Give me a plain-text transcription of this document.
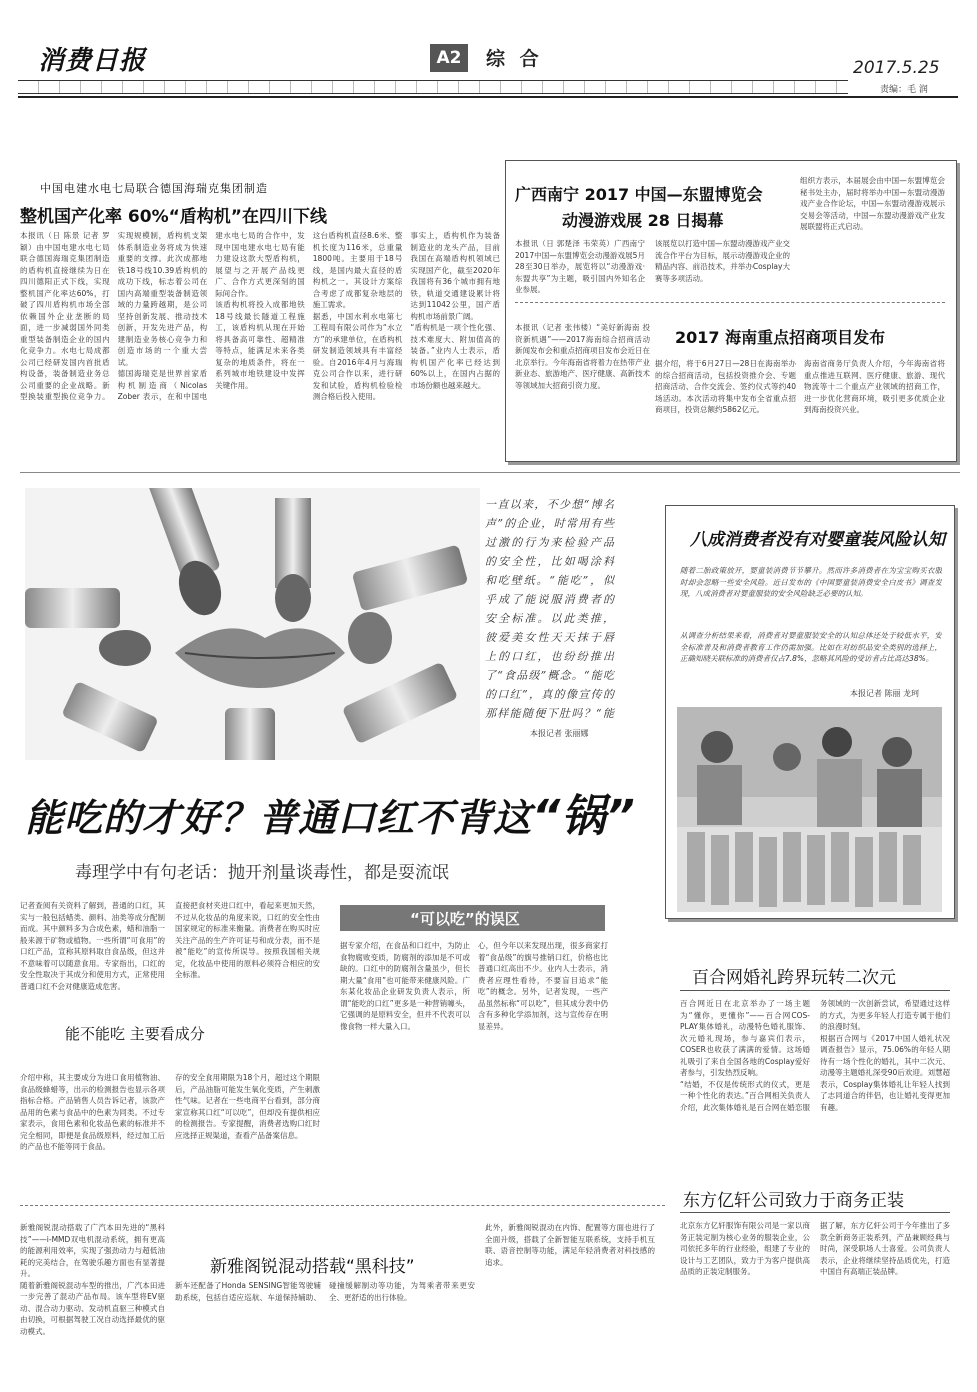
消费日报	A2	综 合	2017.5.25
责编：毛 润
中国电建水电七局联合德国海瑞克集团制造
整机国产化率 60%“盾构机”在四川下线

本报讯（日 陈景 记者 罗颖）由中国电建水电七局联合德国海瑞克集团制造的盾构机直接继续为日在四川德阳正式下线，实现整机国产化率达60%，打破了四川盾构机市场全部依赖国外企业垄断的局面，进一步减弱国外同类重型装备制造企业的国内化竞争力。水电七局成都公司已经研发国内首批盾构设备，装备制造业务总公司重要的企业战略。新型换装重型换位竞争力。实现规模制，盾构机支架体系制造业务将成为快速重要的支撑。此次成都地铁18号线10.39盾构机的成功下线，标志着公司在国内高端重型装备制造领域的力量跨越期，是公司坚持创新发展、推动技术创新，开发先进产品，构建制造业务核心竞争力和创造市场的一个重大尝试。

德国海瑞克是世界首家盾构机制造商（Nicolas Zober 表示，在和中国电建水电七局的合作中，发现中国电建水电七局有能力建设这款大型盾构机，展望与之开展产品线更广、合作方式更深刻的国际间合作。

该盾构机将投入成都地铁18号线最长隧道工程施工，该盾构机从现在开始将具备高可靠性、超精准等特点，能满足未来各类复杂的地质条件，将在一系列城市地铁建设中发挥关键作用。

这台盾构机直径8.6米、整机长度为116米，总重量1800吨。主要用于18号线，是国内最大直径的盾构机之一。其设计方案综合考虑了成都复杂地层的施工需求。

据悉，中国水利水电第七工程局有限公司作为“水立方”的承建单位，在盾构机研发制造领域具有丰富经验。自2016年4月与海瑞克公司合作以来，进行研发和试验，盾构机检验检测合格后投入使用。

事实上，盾构机作为装备制造业的龙头产品，目前我国在高端盾构机领域已实现国产化，截至2020年我国将有36个城市拥有地铁，轨道交通建设累计将达到11042公里，国产盾构机市场前景广阔。

“盾构机是一项个性化强、技术难度大、附加值高的装备。”业内人士表示，盾构机国产化率已经达到60%以上，在国内占据的市场份额也越来越大。

广西南宁 2017 中国—东盟博览会
动漫游戏展 28 日揭幕

本报讯（日 郭楚泽 韦荣英）广西南宁2017中国—东盟博览会动漫游戏展5月28至30日举办，展览将以“动漫游戏·东盟共享”为主题，吸引国内外知名企业参展。

该展览以打造中国—东盟动漫游戏产业交流合作平台为目标，展示动漫游戏企业的精品内容、前沿技术，并举办Cosplay大赛等多项活动。

组织方表示，本届展会由中国—东盟博览会秘书处主办，届时将举办中国—东盟动漫游戏产业合作论坛，中国—东盟动漫游戏展示交易会等活动，中国—东盟动漫游戏产业发展联盟将正式启动。

2017 海南重点招商项目发布

本报讯（记者 张伟楼）“美好新海南 投资新机遇”——2017海南综合招商活动新闻发布会和重点招商项目发布会近日在北京举行。今年海南省将着力在热带产业新业态、旅游地产、医疗健康、高新技术等领域加大招商引资力度。

据介绍，将于6月27日—28日在海南举办的综合招商活动，包括投资推介会、专题招商活动、合作交流会、签约仪式等约40场活动。本次活动将集中发布全省重点招商项目，投资总额约5862亿元。

海南省商务厅负责人介绍，今年海南省将重点推进互联网、医疗健康、旅游、现代物流等十二个重点产业领域的招商工作，进一步优化营商环境，吸引更多优质企业到海南投资兴业。

一直以来，不少想“博名声”的企业，时常用有些过激的行为来检验产品的安全性，比如喝涂料和吃壁纸。“能吃”，似乎成了能说服消费者的安全标准。以此类推，彼爱美女性天天抹于唇上的口红，也纷纷推出了“食品级”概念。“能吃的口红”，真的像宣传的那样能随便下肚吗？“能
本报记者 张丽娜
能吃的才好？普通口红不背这“锅”
毒理学中有句老话：抛开剂量谈毒性，都是耍流氓
记者查阅有关资料了解到，普通的口红，其实与一般包括蜡类、颜料、油类等成分配制而成。其中颜料多为合成色素，蜡和油脂一般来源于矿物或植物。一些所谓“可食用”的口红产品，宣称其原料取自食品级，但这并不意味着可以随意食用。专家指出，口红的安全性取决于其成分和使用方式，正常使用普通口红不会对健康造成危害。
直接把食材夹进口红中，看起来更加天然，不过从化妆品的角度来说，口红的安全性由国家规定的标准来衡量。消费者在购买时应关注产品的生产许可证号和成分表，而不是被“能吃”的宣传所误导。按照我国相关规定，化妆品中使用的原料必须符合相应的安全标准。
能不能吃 主要看成分
介绍中称，其主要成分为进口食用植物油、食品级蜂蜡等，出示的检测报告也显示各项指标合格。产品销售人员告诉记者，该款产品用的色素与食品中的色素为同类。不过专家表示，食用色素和化妆品色素的标准并不完全相同，即便是食品级原料，经过加工后的产品也不能等同于食品。
存的安全食用期限为18个月，超过这个期限后，产品油脂可能发生氧化变质，产生刺激性气味。记者在一些电商平台看到，部分商家宣称其口红“可以吃”，但却没有提供相应的检测报告。专家提醒，消费者选购口红时应选择正规渠道，查看产品备案信息。
“可以吃”的误区
据专家介绍，在食品和口红中，为防止食物腐败变质，防腐剂的添加是不可或缺的。口红中的防腐剂含量虽少，但长期大量“食用”也可能带来健康风险。广东某化妆品企业研发负责人表示，所谓“能吃的口红”更多是一种营销噱头，它强调的是原料安全，但并不代表可以像食物一样大量入口。
心，但今年以来发现出现，很多商家打着“食品级”的旗号推销口红，价格也比普通口红高出不少。业内人士表示，消费者应理性看待，不要盲目追求“能吃”的概念。另外，记者发现，一些产品虽然标称“可以吃”，但其成分表中仍含有多种化学添加剂，这与宣传存在明显差异。
八成消费者没有对婴童装风险认知
随着二胎政策放开，婴童装消费节节攀升。然而许多消费者在为宝宝购买衣服时却会忽略一些安全风险。近日发布的《中国婴童装消费安全白皮书》调查发现，八成消费者对婴童服装的安全风险缺乏必要的认知。
从调查分析结果来看，消费者对婴童服装安全的认知总体还处于较低水平，安全标准普及和消费者教育工作仍需加强。比如在对纺织品安全类别的选择上，正确知晓关联标准的消费者仅占7.8%，忽略其风险的受访者占比高达38%。
本报记者 陈丽 龙珂
百合网婚礼跨界玩转二次元

百合网近日在北京举办了一场主题为“懂你，更懂你”——百合网COS-PLAY集体婚礼，动漫特色婚礼服饰、次元婚礼现场，参与嘉宾们表示，COSER也收获了满满的爱情。这场婚礼吸引了来自全国各地的Cosplay爱好者参与，引发热烈反响。

“结婚，不仅是传统形式的仪式，更是一种个性化的表达。”百合网相关负责人介绍，此次集体婚礼是百合网在婚恋服务领域的一次创新尝试，希望通过这样的方式，为更多年轻人打造专属于他们的浪漫时刻。

根据百合网与《2017中国人婚礼状况调查报告》显示，75.06%的年轻人期待有一场个性化的婚礼，其中二次元、动漫等主题婚礼深受90后欢迎。刘慧超表示，Cosplay集体婚礼让年轻人找到了志同道合的伴侣，也让婚礼变得更加有趣。

东方亿轩公司致力于商务正装

北京东方亿轩服饰有限公司是一家以商务正装定制为核心业务的服装企业，公司依托多年的行业经验，组建了专业的设计与工艺团队，致力于为客户提供高品质的正装定制服务。

据了解，东方亿轩公司于今年推出了多款全新商务正装系列，产品兼顾经典与时尚，深受职场人士喜爱。公司负责人表示，企业将继续坚持品质优先，打造中国自有高端正装品牌。

新雅阁锐混动搭载“黑科技”

新雅阁锐混动搭载了广汽本田先进的“黑科技”——i-MMD双电机混动系统，拥有更高的能源利用效率，实现了强劲动力与超低油耗的完美结合，在驾驶乐趣方面也有显著提升。

随着新雅阁锐混动车型的推出，广汽本田进一步完善了混动产品布局。该车型将EV驱动、混合动力驱动、发动机直驱三种模式自由切换，可根据驾驶工况自动选择最优的驱动模式。

新车还配备了Honda SENSING智能驾驶辅助系统，包括自适应巡航、车道保持辅助、碰撞缓解制动等功能，为驾乘者带来更安全、更舒适的出行体验。

此外，新雅阁锐混动在内饰、配置等方面也进行了全面升级，搭载了全新智能互联系统，支持手机互联、语音控制等功能，满足年轻消费者对科技感的追求。
